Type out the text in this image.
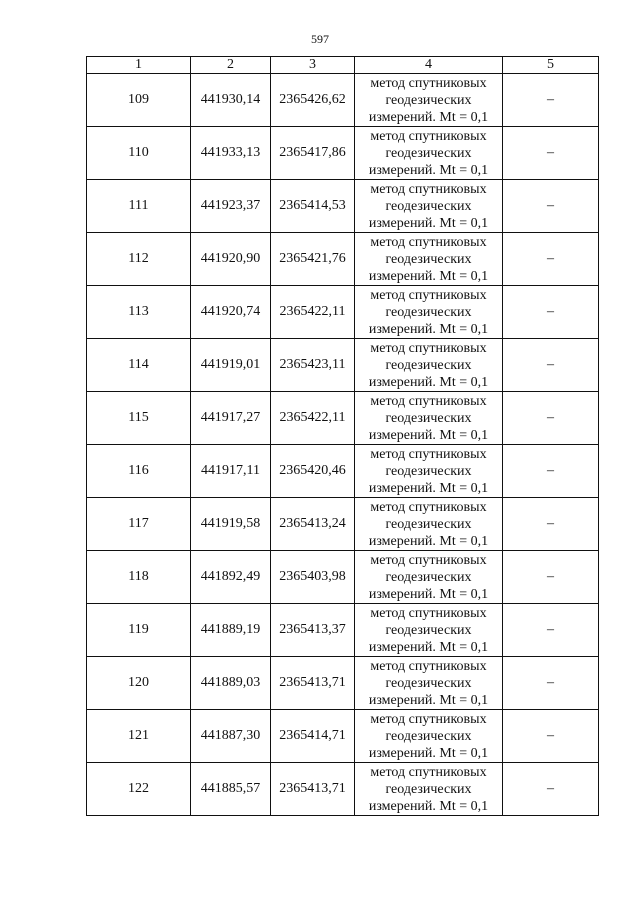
597
1	2	3	4	5
109	441930,14	2365426,62	метод спутниковых
геодезических
измерений. Mt = 0,1	–
110	441933,13	2365417,86	метод спутниковых
геодезических
измерений. Mt = 0,1	–
111	441923,37	2365414,53	метод спутниковых
геодезических
измерений. Mt = 0,1	–
112	441920,90	2365421,76	метод спутниковых
геодезических
измерений. Mt = 0,1	–
113	441920,74	2365422,11	метод спутниковых
геодезических
измерений. Mt = 0,1	–
114	441919,01	2365423,11	метод спутниковых
геодезических
измерений. Mt = 0,1	–
115	441917,27	2365422,11	метод спутниковых
геодезических
измерений. Mt = 0,1	–
116	441917,11	2365420,46	метод спутниковых
геодезических
измерений. Mt = 0,1	–
117	441919,58	2365413,24	метод спутниковых
геодезических
измерений. Mt = 0,1	–
118	441892,49	2365403,98	метод спутниковых
геодезических
измерений. Mt = 0,1	–
119	441889,19	2365413,37	метод спутниковых
геодезических
измерений. Mt = 0,1	–
120	441889,03	2365413,71	метод спутниковых
геодезических
измерений. Mt = 0,1	–
121	441887,30	2365414,71	метод спутниковых
геодезических
измерений. Mt = 0,1	–
122	441885,57	2365413,71	метод спутниковых
геодезических
измерений. Mt = 0,1	–
